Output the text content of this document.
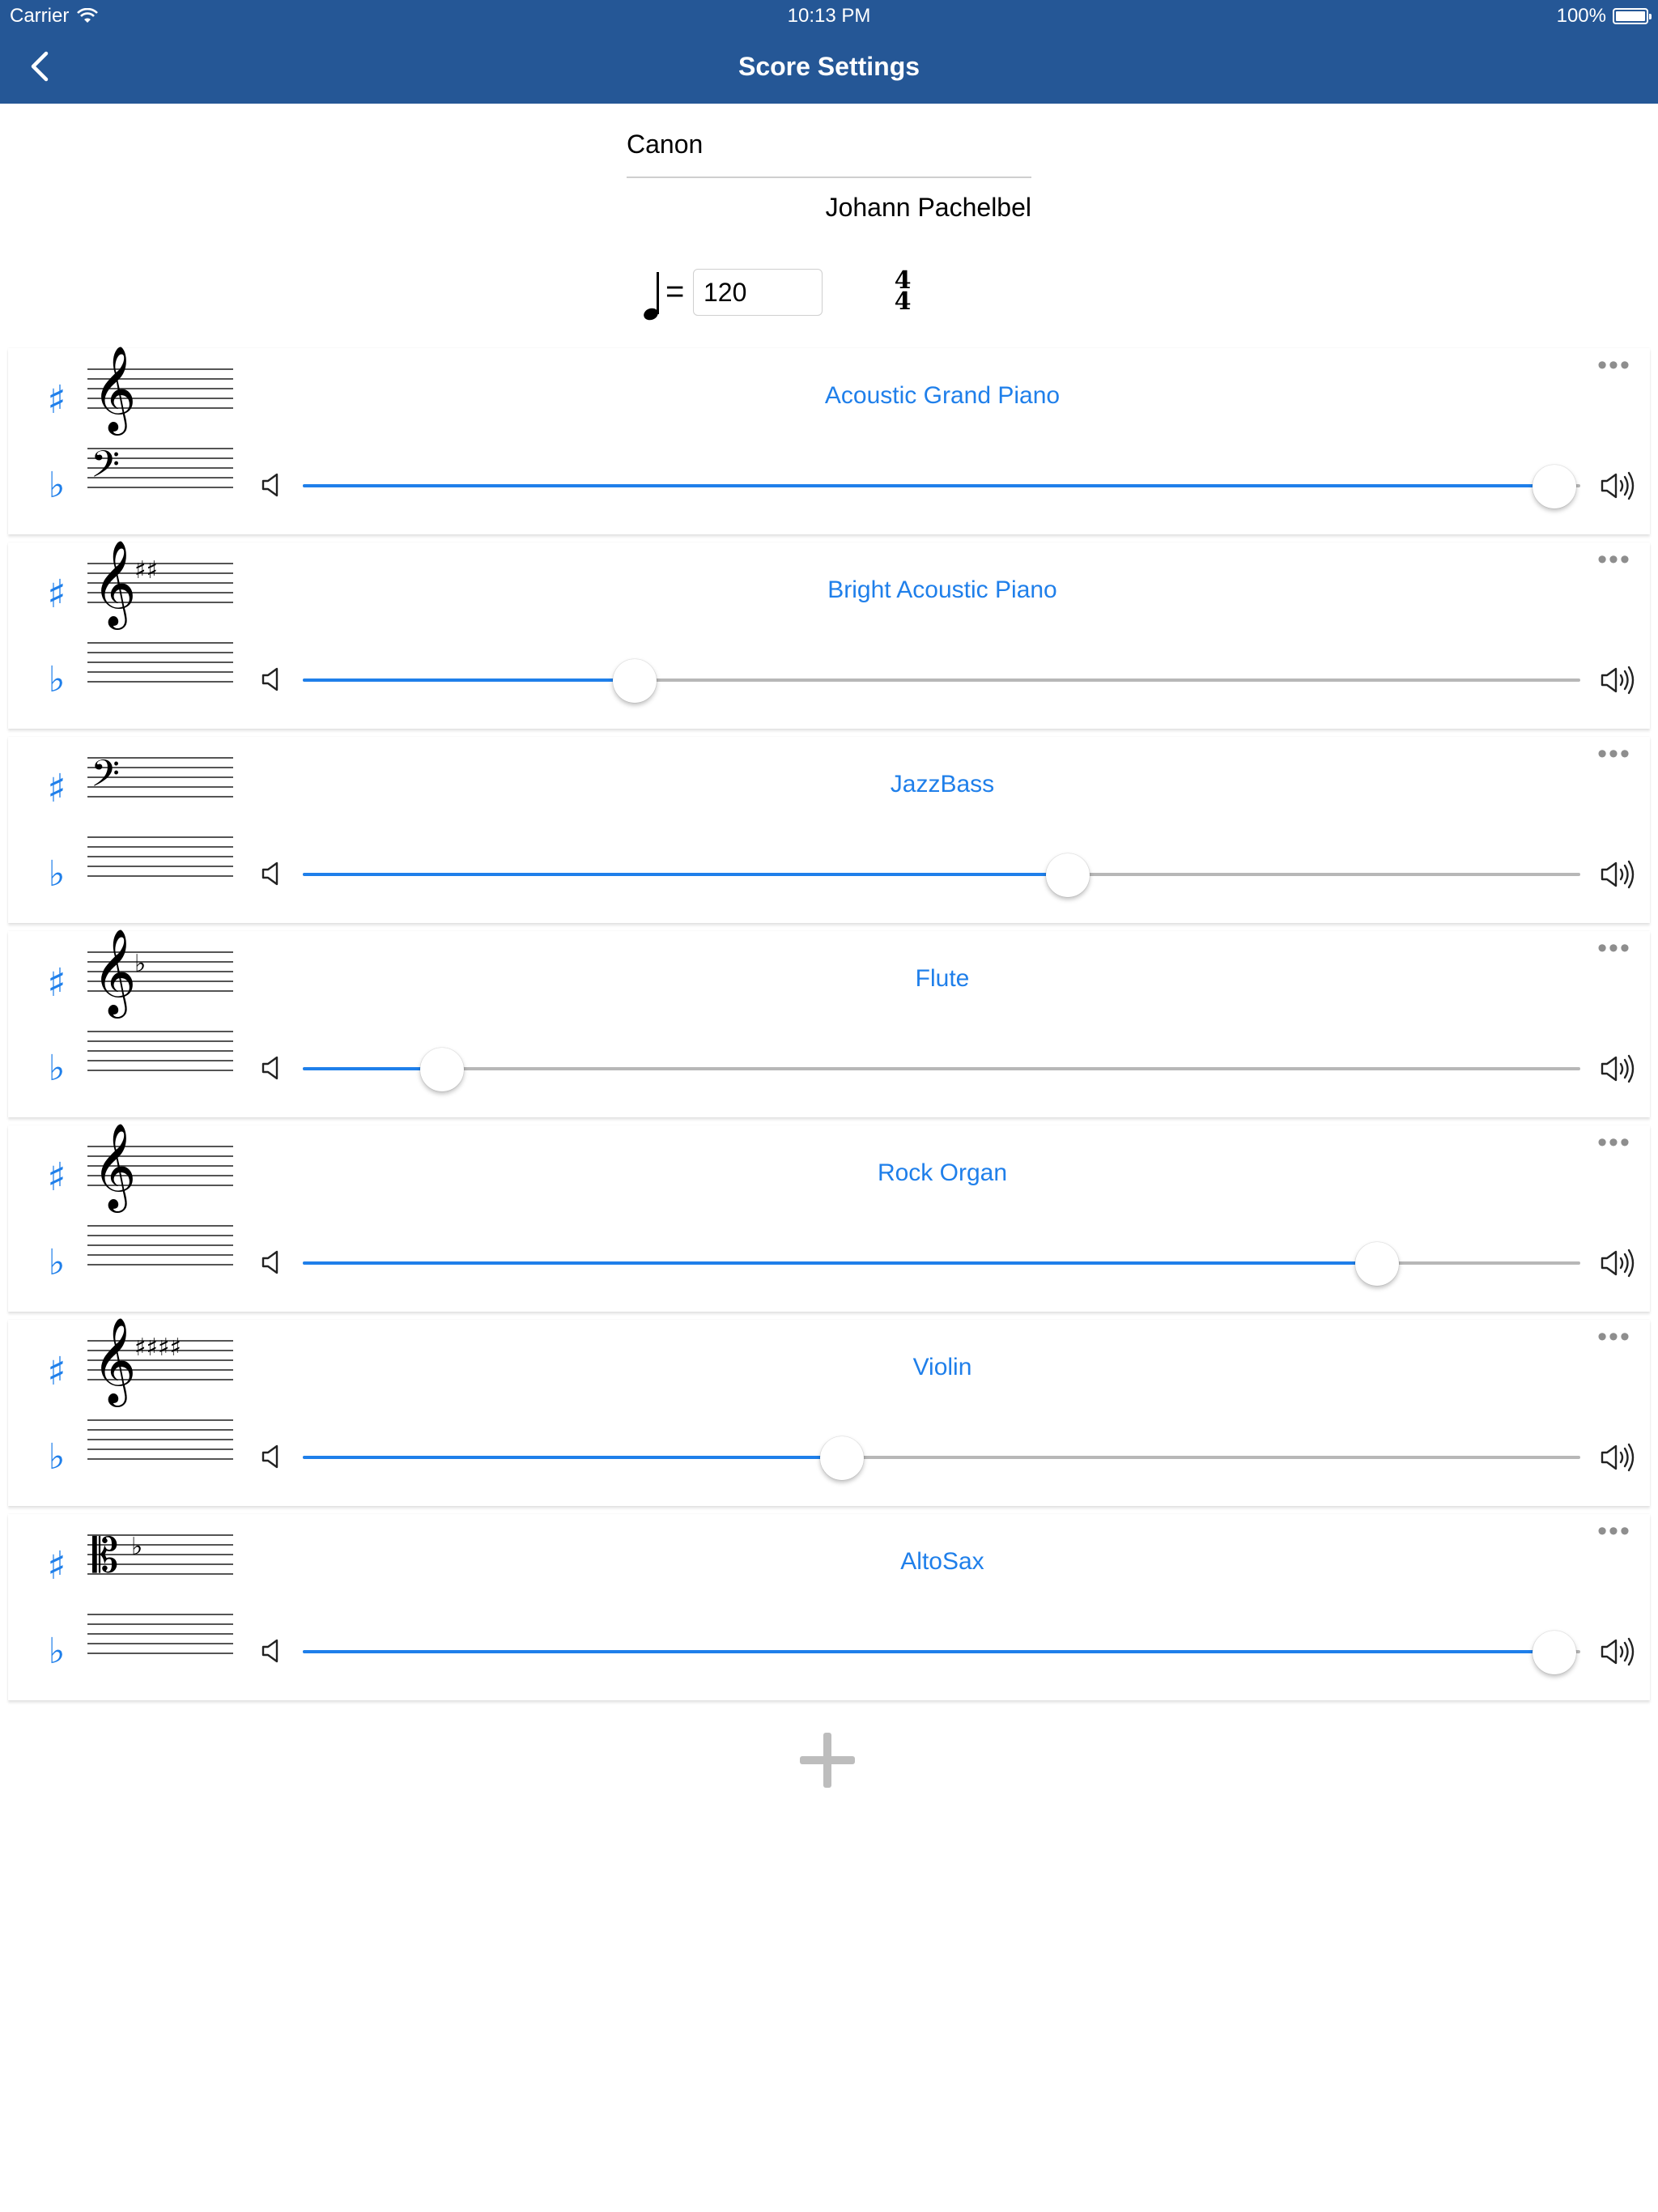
Carrier	10:13 PM	100%
Score Settings
Canon
Johann Pachelbel
= 120	4
4
♯
♭
𝄞
𝄢
•••
Acoustic Grand Piano
♯
♭
𝄞
♯♯	•••
Bright Acoustic Piano
♯
♭
𝄢	•••
JazzBass
♯
♭
𝄞
♭
•••
Flute
♯
♭
𝄞	•••
Rock Organ
♯
♭
𝄞
♯♯♯♯	•••
Violin
♯
♭
𝄡 ♭
•••
AltoSax
